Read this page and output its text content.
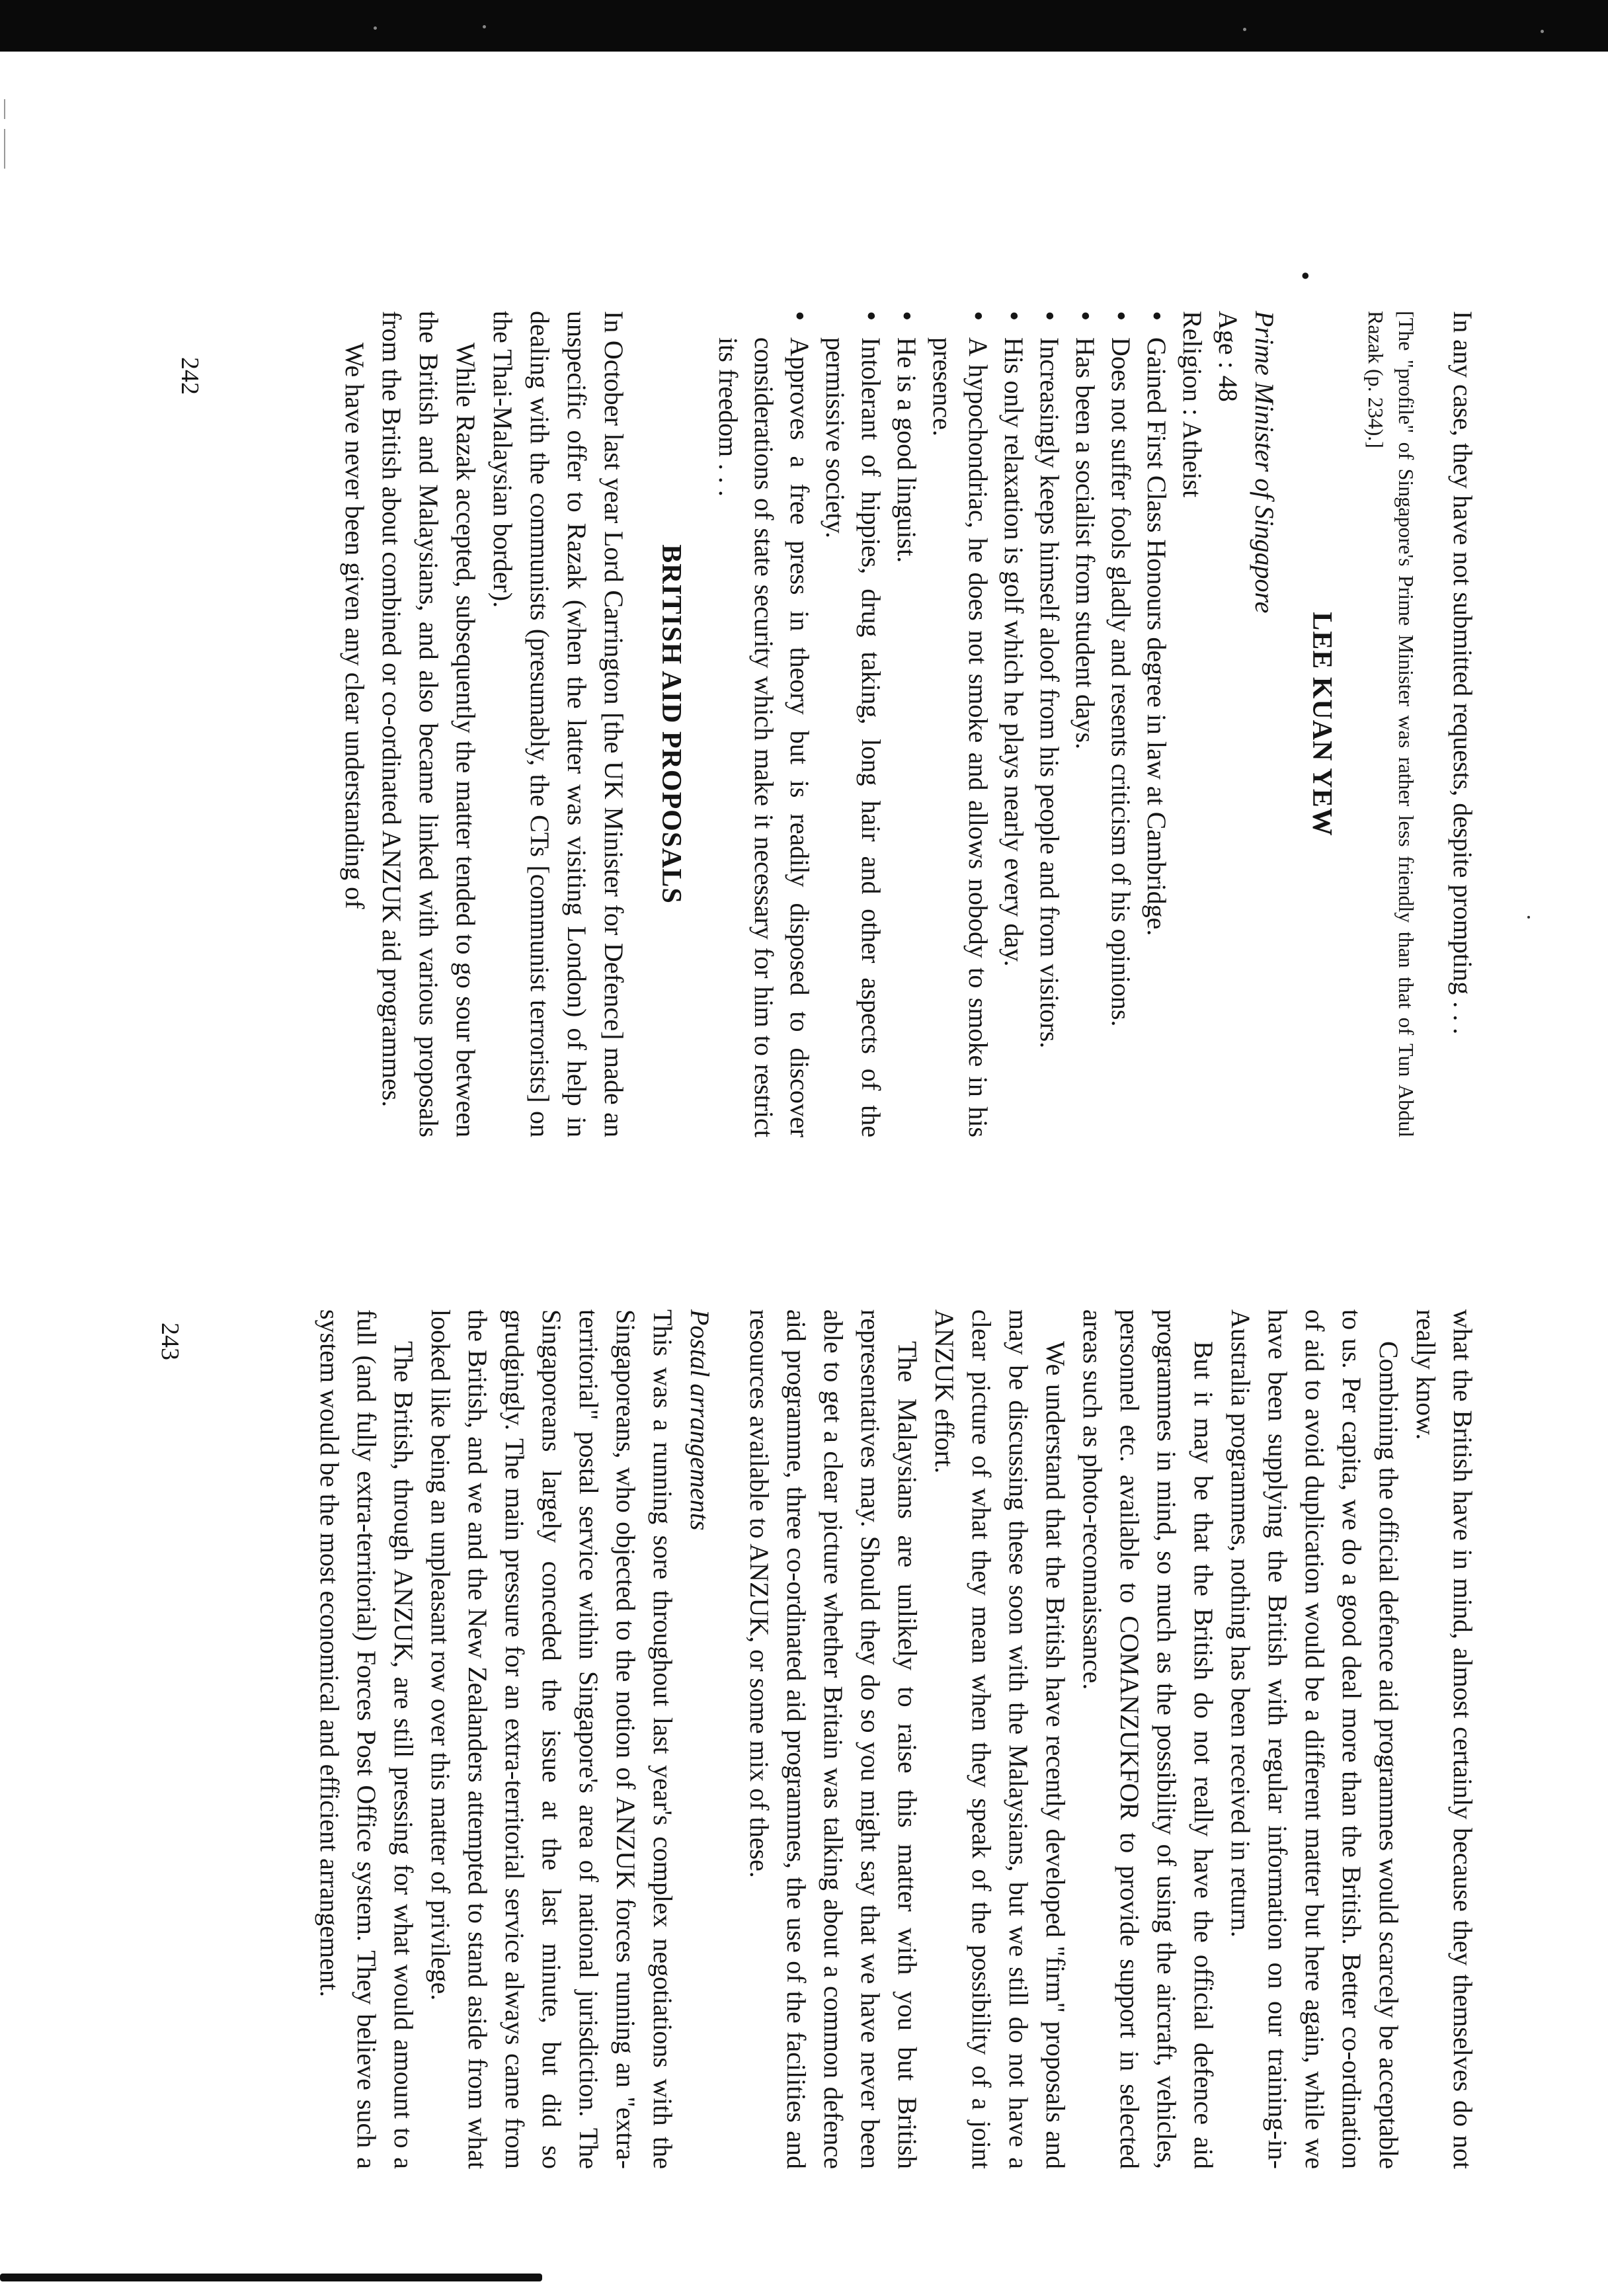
In any case, they have not submitted requests, despite prompting . . .

•

[The "profile" of Singapore's Prime Minister was rather less friendly than that of Tun Abdul Razak (p. 234).]

LEE KUAN YEW
Prime Minister of Singapore
Age : 48
Religion : Atheist
• Gained First Class Honours degree in law at Cambridge.
• Does not suffer fools gladly and resents criticism of his opinions.
• Has been a socialist from student days.
• Increasingly keeps himself aloof from his people and from visitors.
• His only relaxation is golf which he plays nearly every day.
• A hypochondriac, he does not smoke and allows nobody to smoke in his presence.
• He is a good linguist.
• Intolerant of hippies, drug taking, long hair and other aspects of the permissive society.
• Approves a free press in theory but is readily disposed to discover considerations of state security which make it necessary for him to restrict its freedom . . .
BRITISH AID PROPOSALS

In October last year Lord Carrington [the UK Minister for Defence] made an unspecific offer to Razak (when the latter was visiting London) of help in dealing with the communists (presumably, the CTs [communist terrorists] on the Thai-Malaysian border).

While Razak accepted, subsequently the matter tended to go sour between the British and Malaysians, and also became linked with various proposals from the British about combined or co-ordinated ANZUK aid programmes.

We have never been given any clear understanding of

242

what the British have in mind, almost certainly because they themselves do not really know.

Combining the official defence aid programmes would scarcely be acceptable to us. Per capita, we do a good deal more than the British. Better co-ordination of aid to avoid duplication would be a different matter but here again, while we have been supplying the British with regular information on our training-in-Australia programmes, nothing has been received in return.

But it may be that the British do not really have the official defence aid programmes in mind, so much as the possibility of using the aircraft, vehicles, personnel etc. available to COMANZUKFOR to provide support in selected areas such as photo-reconnaissance.

We understand that the British have recently developed "firm" proposals and may be discussing these soon with the Malaysians, but we still do not have a clear picture of what they mean when they speak of the possibility of a joint ANZUK effort.

The Malaysians are unlikely to raise this matter with you but British representatives may. Should they do so you might say that we have never been able to get a clear picture whether Britain was talking about a common defence aid programme, three co-ordinated aid programmes, the use of the facilities and resources available to ANZUK, or some mix of these.

Postal arrangements

This was a running sore throughout last year's complex negotiations with the Singaporeans, who objected to the notion of ANZUK forces running an "extra-territorial" postal service within Singapore's area of national jurisdiction. The Singaporeans largely conceded the issue at the last minute, but did so grudgingly. The main pressure for an extra-territorial service always came from the British, and we and the New Zealanders attempted to stand aside from what looked like being an unpleasant row over this matter of privilege.

The British, through ANZUK, are still pressing for what would amount to a full (and fully extra-territorial) Forces Post Office system. They believe such a system would be the most economical and efficient arrangement.

243
